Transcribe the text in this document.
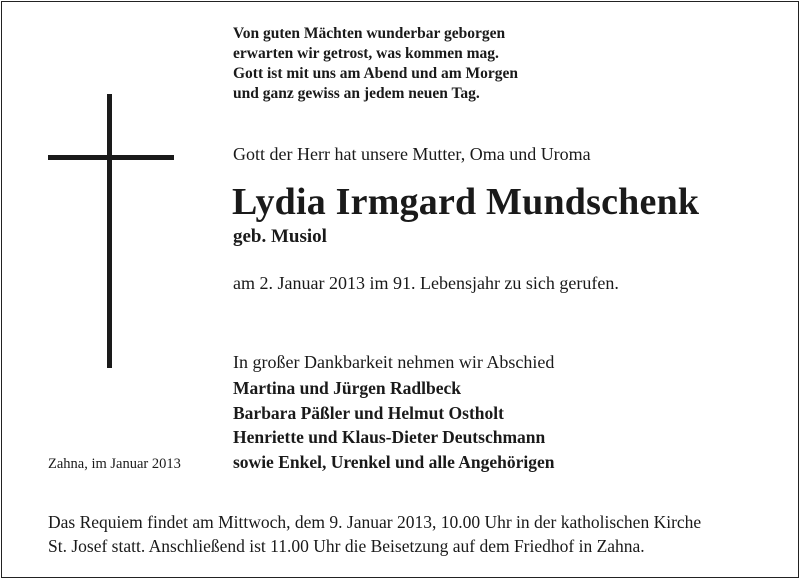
Von guten Mächten wunderbar geborgen
erwarten wir getrost, was kommen mag.
Gott ist mit uns am Abend und am Morgen
und ganz gewiss an jedem neuen Tag.
Gott der Herr hat unsere Mutter, Oma und Uroma
Lydia Irmgard Mundschenk
geb. Musiol
am 2. Januar 2013 im 91. Lebensjahr zu sich gerufen.
In großer Dankbarkeit nehmen wir Abschied
Martina und Jürgen Radlbeck
Barbara Päßler und Helmut Ostholt
Henriette und Klaus-Dieter Deutschmann
sowie Enkel, Urenkel und alle Angehörigen
Zahna, im Januar 2013
Das Requiem findet am Mittwoch, dem 9. Januar 2013, 10.00 Uhr in der katholischen Kirche
St. Josef statt. Anschließend ist 11.00 Uhr die Beisetzung auf dem Friedhof in Zahna.
